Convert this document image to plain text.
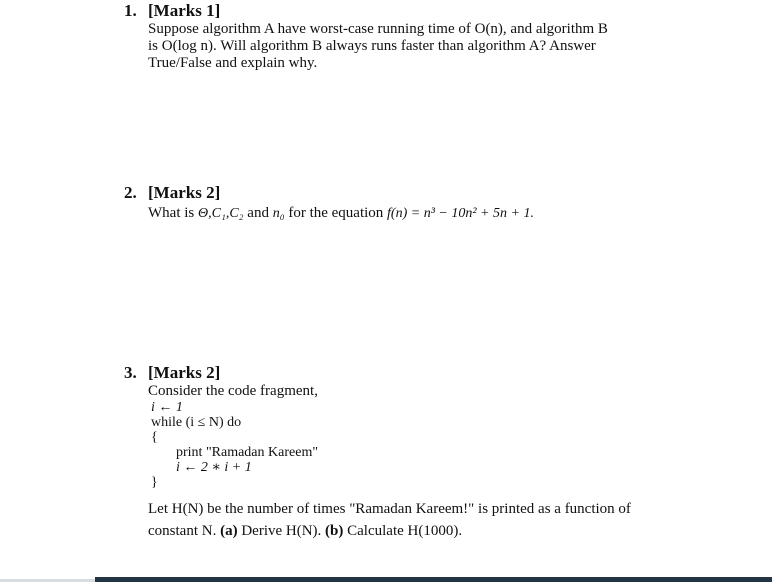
1. [Marks 1]
Suppose algorithm A have worst-case running time of O(n), and algorithm B
is O(log n). Will algorithm B always runs faster than algorithm A? Answer
True/False and explain why.
2. [Marks 2]
What is Θ,C₁,C₂ and n₀ for the equation f(n) = n³ − 10n² + 5n + 1.
3. [Marks 2]
Consider the code fragment,
i ← 1
while (i ≤ N) do
{
print "Ramadan Kareem"
i ← 2 ∗ i + 1
}
Let H(N) be the number of times "Ramadan Kareem!" is printed as a function of
constant N. (a) Derive H(N). (b) Calculate H(1000).
